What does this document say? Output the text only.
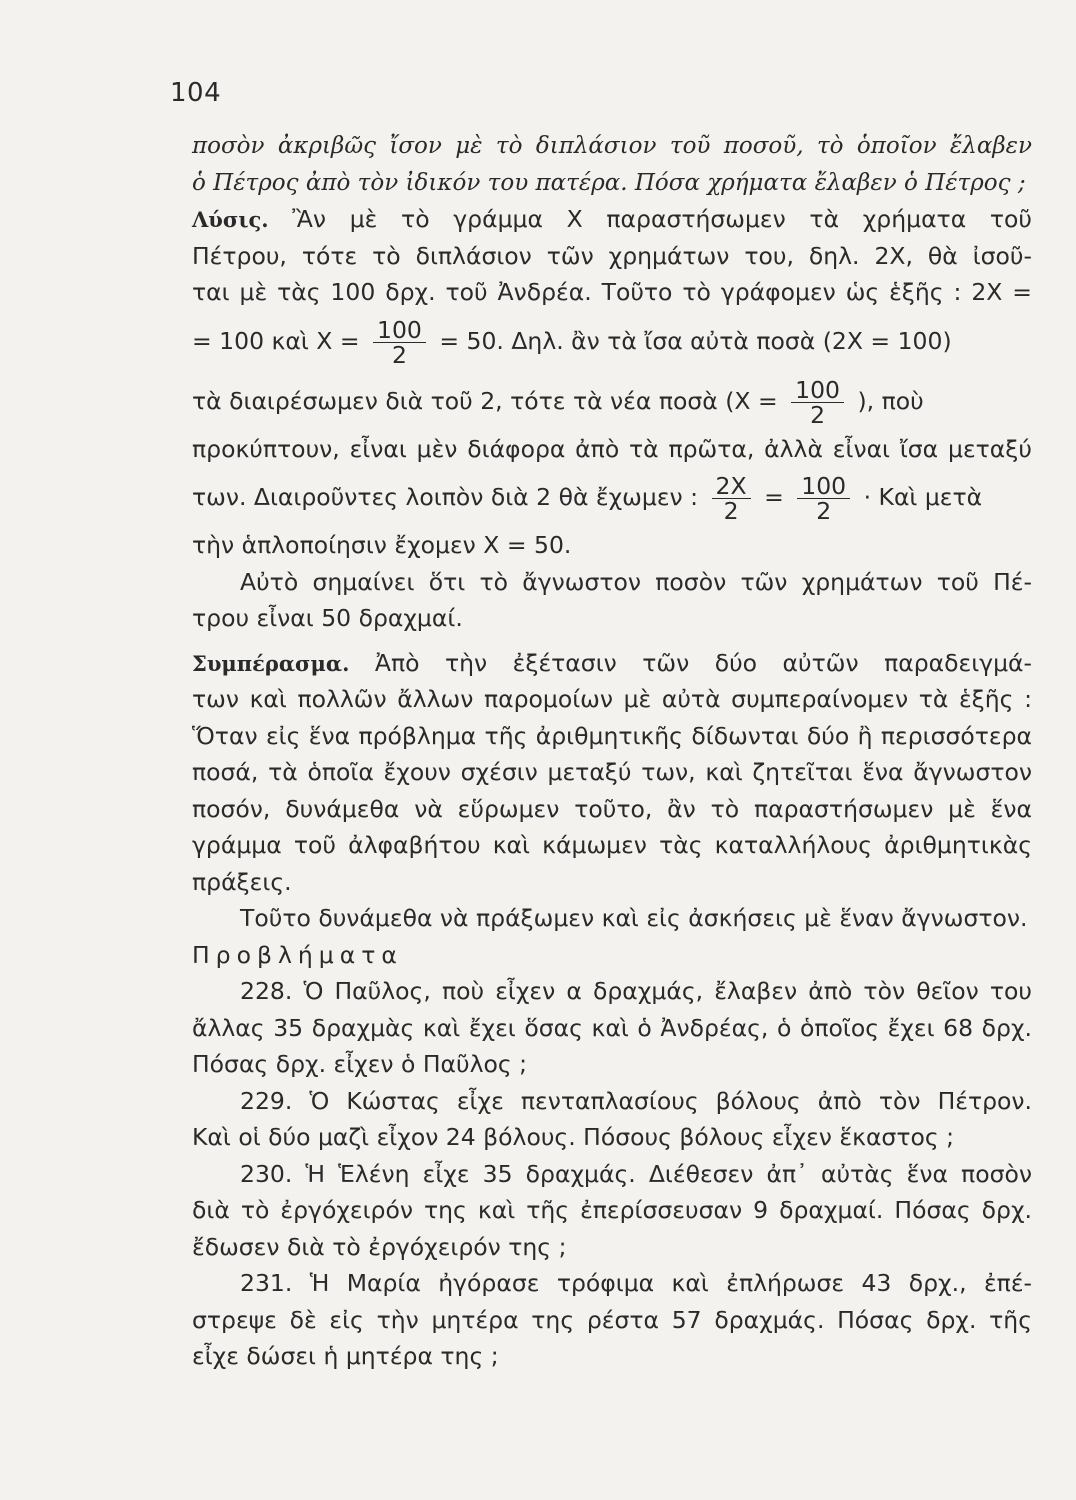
104
ποσὸν ἀκριβῶς ἴσον μὲ τὸ διπλάσιον τοῦ ποσοῦ, τὸ ὁποῖον ἔλαβεν
ὁ Πέτρος ἀπὸ τὸν ἰδικόν του πατέρα. Πόσα χρήματα ἔλαβεν ὁ Πέτρος ;
Λύσις. Ἂν μὲ τὸ γράμμα Χ παραστήσωμεν τὰ χρήματα τοῦ
Πέτρου, τότε τὸ διπλάσιον τῶν χρημάτων του, δηλ. 2Χ, θὰ ἰσοῦ-
ται μὲ τὰς 100 δρχ. τοῦ Ἀνδρέα. Τοῦτο τὸ γράφομεν ὡς ἑξῆς : 2Χ =
= 100 καὶ $X = \frac{100}{2} = 50$. Δηλ. ἂν τὰ ἴσα αὐτὰ ποσὰ (2Χ = 100)
τὰ διαιρέσωμεν διὰ τοῦ 2, τότε τὰ νέα ποσὰ ($X = \frac{100}{2}$ ), ποὺ
προκύπτουν, εἶναι μὲν διάφορα ἀπὸ τὰ πρῶτα, ἀλλὰ εἶναι ἴσα μεταξύ
των. Διαιροῦντες λοιπὸν διὰ 2 θὰ ἔχωμεν : $\frac{2X}{2} = \frac{100}{2}$ · Καὶ μετὰ
τὴν ἁπλοποίησιν ἔχομεν Χ = 50.
Αὐτὸ σημαίνει ὅτι τὸ ἄγνωστον ποσὸν τῶν χρημάτων τοῦ Πέ-
τρου εἶναι 50 δραχμαί.
Συμπέρασμα. Ἀπὸ τὴν ἐξέτασιν τῶν δύο αὐτῶν παραδειγμά-
των καὶ πολλῶν ἄλλων παρομοίων μὲ αὐτὰ συμπεραίνομεν τὰ ἑξῆς :
Ὅταν εἰς ἕνα πρόβλημα τῆς ἀριθμητικῆς δίδωνται δύο ἢ περισσότερα
ποσά, τὰ ὁποῖα ἔχουν σχέσιν μεταξύ των, καὶ ζητεῖται ἕνα ἄγνωστον
ποσόν, δυνάμεθα νὰ εὕρωμεν τοῦτο, ἂν τὸ παραστήσωμεν μὲ ἕνα
γράμμα τοῦ ἀλφαβήτου καὶ κάμωμεν τὰς καταλλήλους ἀριθμητικὰς
πράξεις.
Τοῦτο δυνάμεθα νὰ πράξωμεν καὶ εἰς ἀσκήσεις μὲ ἕναν ἄγνωστον.
Προβλήματα
228. Ὁ Παῦλος, ποὺ εἶχεν α δραχμάς, ἔλαβεν ἀπὸ τὸν θεῖον του
ἄλλας 35 δραχμὰς καὶ ἔχει ὅσας καὶ ὁ Ἀνδρέας, ὁ ὁποῖος ἔχει 68 δρχ.
Πόσας δρχ. εἶχεν ὁ Παῦλος ;
229. Ὁ Κώστας εἶχε πενταπλασίους βόλους ἀπὸ τὸν Πέτρον.
Καὶ οἱ δύο μαζὶ εἶχον 24 βόλους. Πόσους βόλους εἶχεν ἕκαστος ;
230. Ἡ Ἑλένη εἶχε 35 δραχμάς. Διέθεσεν ἀπ᾽ αὐτὰς ἕνα ποσὸν
διὰ τὸ ἐργόχειρόν της καὶ τῆς ἐπερίσσευσαν 9 δραχμαί. Πόσας δρχ.
ἔδωσεν διὰ τὸ ἐργόχειρόν της ;
231. Ἡ Μαρία ἠγόρασε τρόφιμα καὶ ἐπλήρωσε 43 δρχ., ἐπέ-
στρεψε δὲ εἰς τὴν μητέρα της ρέστα 57 δραχμάς. Πόσας δρχ. τῆς
εἶχε δώσει ἡ μητέρα της ;
